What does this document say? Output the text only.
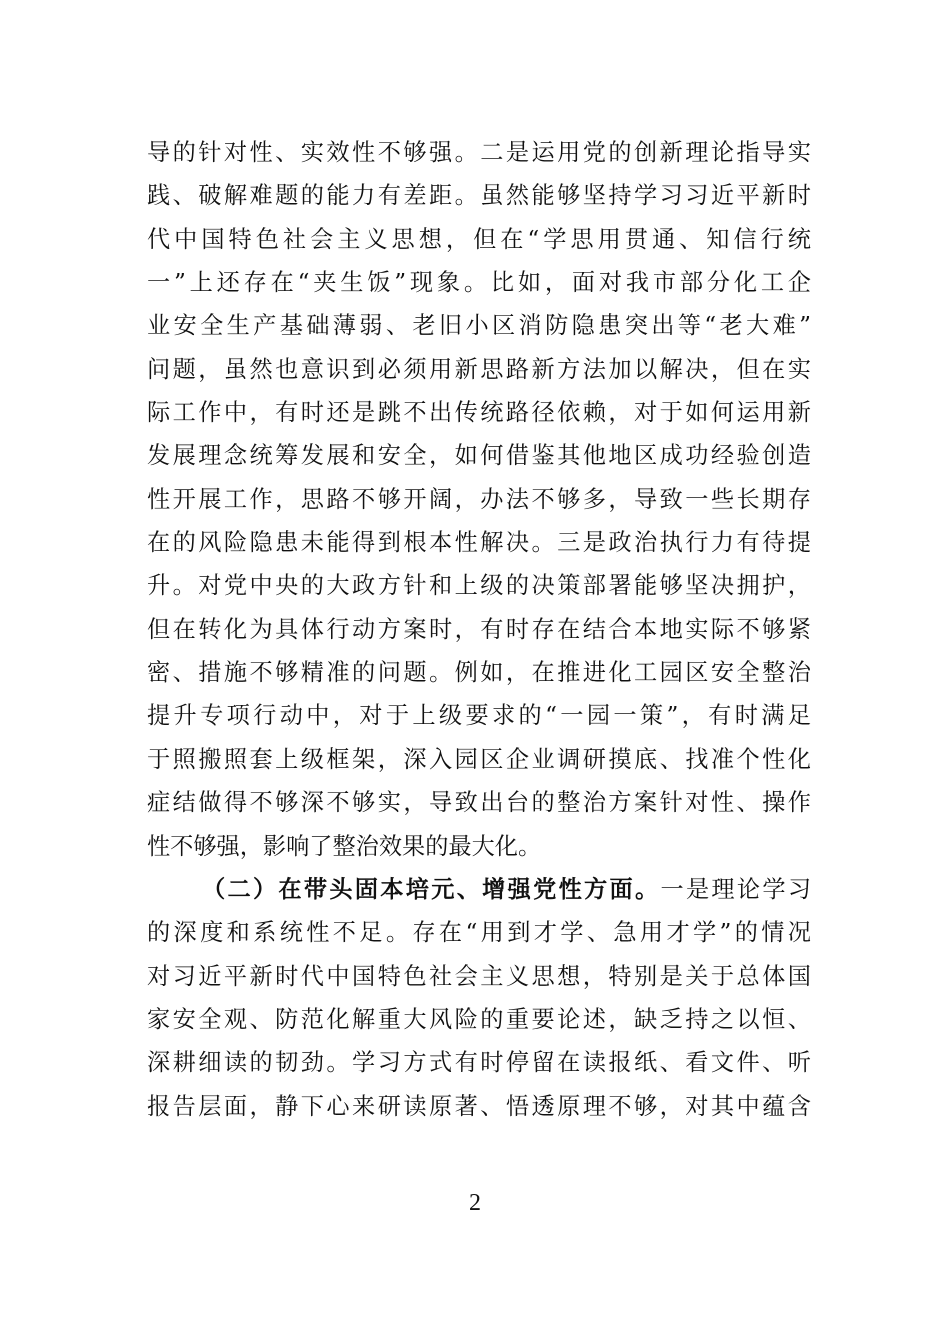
导的针对性、实效性不够强。二是运用党的创新理论指导实
践、破解难题的能力有差距。虽然能够坚持学习习近平新时
代中国特色社会主义思想，但在“学思用贯通、知信行统
一”上还存在“夹生饭”现象。比如，面对我市部分化工企
业安全生产基础薄弱、老旧小区消防隐患突出等“老大难”
问题，虽然也意识到必须用新思路新方法加以解决，但在实
际工作中，有时还是跳不出传统路径依赖，对于如何运用新
发展理念统筹发展和安全，如何借鉴其他地区成功经验创造
性开展工作，思路不够开阔，办法不够多，导致一些长期存
在的风险隐患未能得到根本性解决。三是政治执行力有待提
升。对党中央的大政方针和上级的决策部署能够坚决拥护，
但在转化为具体行动方案时，有时存在结合本地实际不够紧
密、措施不够精准的问题。例如，在推进化工园区安全整治
提升专项行动中，对于上级要求的“一园一策”，有时满足
于照搬照套上级框架，深入园区企业调研摸底、找准个性化
症结做得不够深不够实，导致出台的整治方案针对性、操作
性不够强，影响了整治效果的最大化。
（二）在带头固本培元、增强党性方面。一是理论学习
的深度和系统性不足。存在“用到才学、急用才学”的情况
对习近平新时代中国特色社会主义思想，特别是关于总体国
家安全观、防范化解重大风险的重要论述，缺乏持之以恒、
深耕细读的韧劲。学习方式有时停留在读报纸、看文件、听
报告层面，静下心来研读原著、悟透原理不够，对其中蕴含
2
